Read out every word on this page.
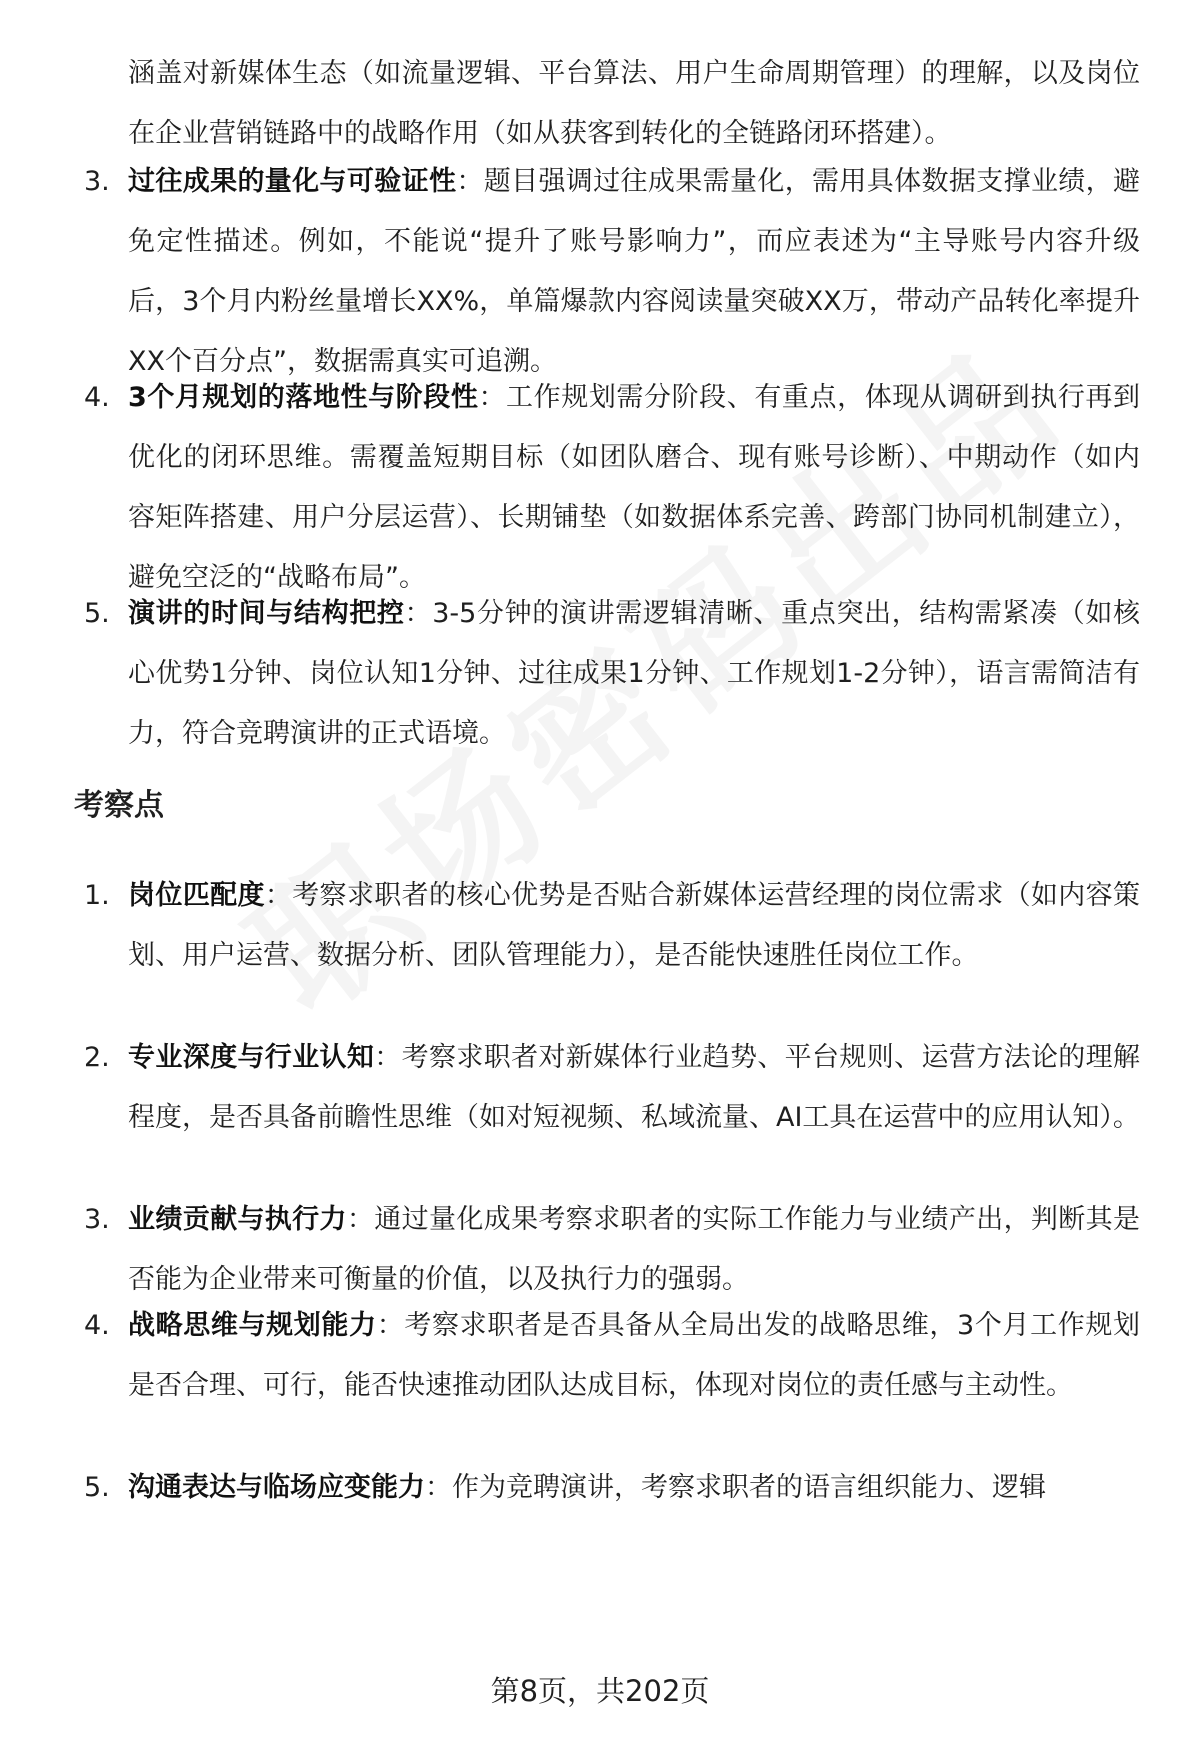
涵盖对新媒体生态（如流量逻辑、平台算法、用户生命周期管理）的理解，以及岗位在企业营销链路中的战略作用（如从获客到转化的全链路闭环搭建）。
3. 过往成果的量化与可验证性：题目强调过往成果需量化，需用具体数据支撑业绩，避免定性描述。例如，不能说“提升了账号影响力”，而应表述为“主导账号内容升级后，3个月内粉丝量增长XX%，单篇爆款内容阅读量突破XX万，带动产品转化率提升XX个百分点”，数据需真实可追溯。
4. 3个月规划的落地性与阶段性：工作规划需分阶段、有重点，体现从调研到执行再到优化的闭环思维。需覆盖短期目标（如团队磨合、现有账号诊断）、中期动作（如内容矩阵搭建、用户分层运营）、长期铺垫（如数据体系完善、跨部门协同机制建立），避免空泛的“战略布局”。
5. 演讲的时间与结构把控：3-5分钟的演讲需逻辑清晰、重点突出，结构需紧凑（如核心优势1分钟、岗位认知1分钟、过往成果1分钟、工作规划1-2分钟），语言需简洁有力，符合竞聘演讲的正式语境。
考察点
1. 岗位匹配度：考察求职者的核心优势是否贴合新媒体运营经理的岗位需求（如内容策划、用户运营、数据分析、团队管理能力），是否能快速胜任岗位工作。
2. 专业深度与行业认知：考察求职者对新媒体行业趋势、平台规则、运营方法论的理解程度，是否具备前瞻性思维（如对短视频、私域流量、AI工具在运营中的应用认知）。
3. 业绩贡献与执行力：通过量化成果考察求职者的实际工作能力与业绩产出，判断其是否能为企业带来可衡量的价值，以及执行力的强弱。
4. 战略思维与规划能力：考察求职者是否具备从全局出发的战略思维，3个月工作规划是否合理、可行，能否快速推动团队达成目标，体现对岗位的责任感与主动性。
5. 沟通表达与临场应变能力：作为竞聘演讲，考察求职者的语言组织能力、逻辑
第8页，共202页
